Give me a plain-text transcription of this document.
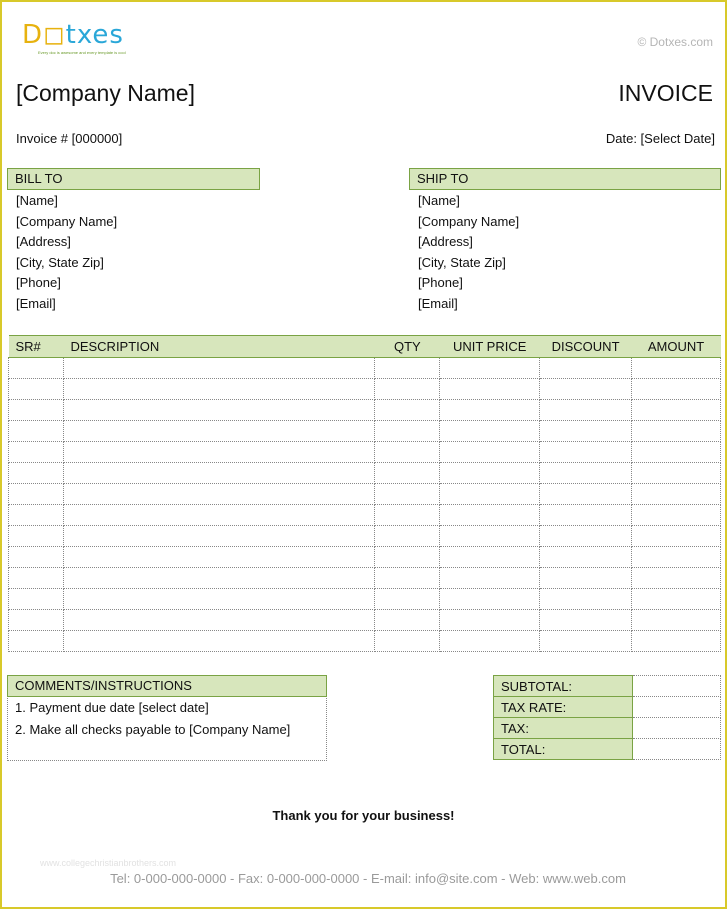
D◻txes
Every doc is awesome and every template is cool
© Dotxes.com
[Company Name]	INVOICE
Invoice # [000000]	Date: [Select Date]
BILL TO
[Name]
[Company Name]
[Address]
[City, State Zip]
[Phone]
[Email]
SHIP TO
[Name]
[Company Name]
[Address]
[City, State Zip]
[Phone]
[Email]
SR#	DESCRIPTION	QTY	UNIT PRICE	DISCOUNT	AMOUNT

COMMENTS/INSTRUCTIONS
1. Payment due date [select date]
2. Make all checks payable to [Company Name]
SUBTOTAL:	
TAX RATE:	
TAX:	
TOTAL:	
Thank you for your business!
www.collegechristianbrothers.com
Tel: 0-000-000-0000 - Fax: 0-000-000-0000 - E-mail: info@site.com - Web: www.web.com
